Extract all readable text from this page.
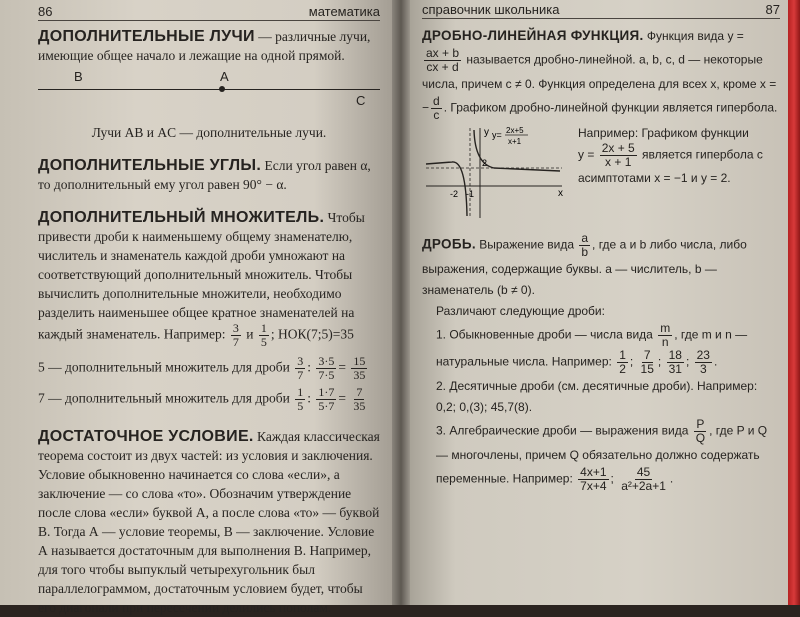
86	математика

ДОПОЛНИТЕЛЬНЫЕ ЛУЧИ — различные лучи, имеющие общее начало и лежащие на одной прямой.

B	A
C

Лучи AB и AC — дополнительные лучи.

ДОПОЛНИТЕЛЬНЫЕ УГЛЫ. Если угол равен α, то дополнительный ему угол равен 90° − α.

ДОПОЛНИТЕЛЬНЫЙ МНОЖИТЕЛЬ. Чтобы привести дроби к наименьшему общему знаменателю, числитель и знаменатель каждой дроби умножают на соответствующий дополнительный множитель. Чтобы вычислить дополнительные множители, необходимо разделить наименьшее общее кратное знаменателей на каждый знаменатель. Например: $\frac{3}{7}$ и $\frac{1}{5}$ ; НОК(7;5)=35

5 — дополнительный множитель для дроби $\frac{3}{7}$ : $\frac{3\cdot 5}{7\cdot 5} = \frac{15}{35}$

7 — дополнительный множитель для дроби $\frac{1}{5}$ : $\frac{1\cdot 7}{5\cdot 7} = \frac{7}{35}$

ДОСТАТОЧНОЕ УСЛОВИЕ. Каждая классическая теорема состоит из двух частей: из условия и заключения. Условие обыкновенно начинается со слова «если», а заключение — со слова «то». Обозначим утверждение после слова «если» буквой А, а после слова «то» — буквой В. Тогда А — условие теоремы, В — заключение. Условие А называется достаточным для выполнения В. Например, для того чтобы выпуклый четырехугольник был параллелограммом, достаточным условием будет, чтобы его диагонали при пересечении делились пополам.

справочник школьника	87

ДРОБНО-ЛИНЕЙНАЯ ФУНКЦИЯ. Функция вида y =
$\frac{ax + b}{cx + d}$ называется дробно-линейной. a, b, c, d — некоторые числа, причем c ≠ 0. Функция определена для всех x, кроме x = − $\frac{d}{c}$ . Графиком дробно-линейной функции является гипербола.

y
x
y= 2x+5
x+1
-2 -1
2
Например: Графиком функции
$y = \frac{2x + 5}{x + 1}$ является гипербола с асимптотами x = −1 и y = 2.

ДРОБЬ. Выражение вида $\frac{a}{b}$ , где a и b либо числа, либо выражения, содержащие буквы. a — числитель, b — знаменатель (b ≠ 0).

Различают следующие дроби:

1. Обыкновенные дроби — числа вида $\frac{m}{n}$ , где m и n — натуральные числа. Например: $\frac{1}{2}$ ; $\frac{7}{15}$ ; $\frac{18}{31}$ ; $\frac{23}{3}$ .

2. Десятичные дроби (см. десятичные дроби). Например: 0,2; 0,(3); 45,7(8).

3. Алгебраические дроби — выражения вида $\frac{P}{Q}$ , где P и Q — многочлены, причем Q обязательно должно содержать переменные. Например: $\frac{4x+1}{7x+4}$ ; $\frac{45}{\text{a²+2a+1}}$ .
